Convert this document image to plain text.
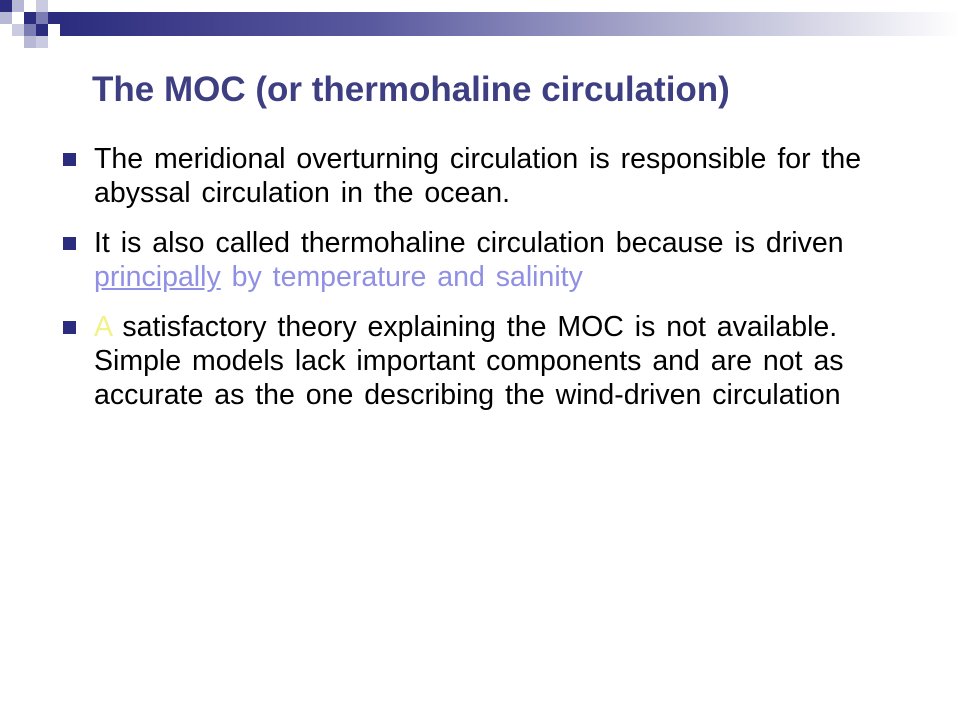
The MOC (or thermohaline circulation)
The meridional overturning circulation is responsible for the abyssal circulation in the ocean.
It is also called thermohaline circulation because is driven principally by temperature and salinity
A satisfactory theory explaining the MOC is not available. Simple models lack important components and are not as accurate as the one describing the wind-driven circulation
